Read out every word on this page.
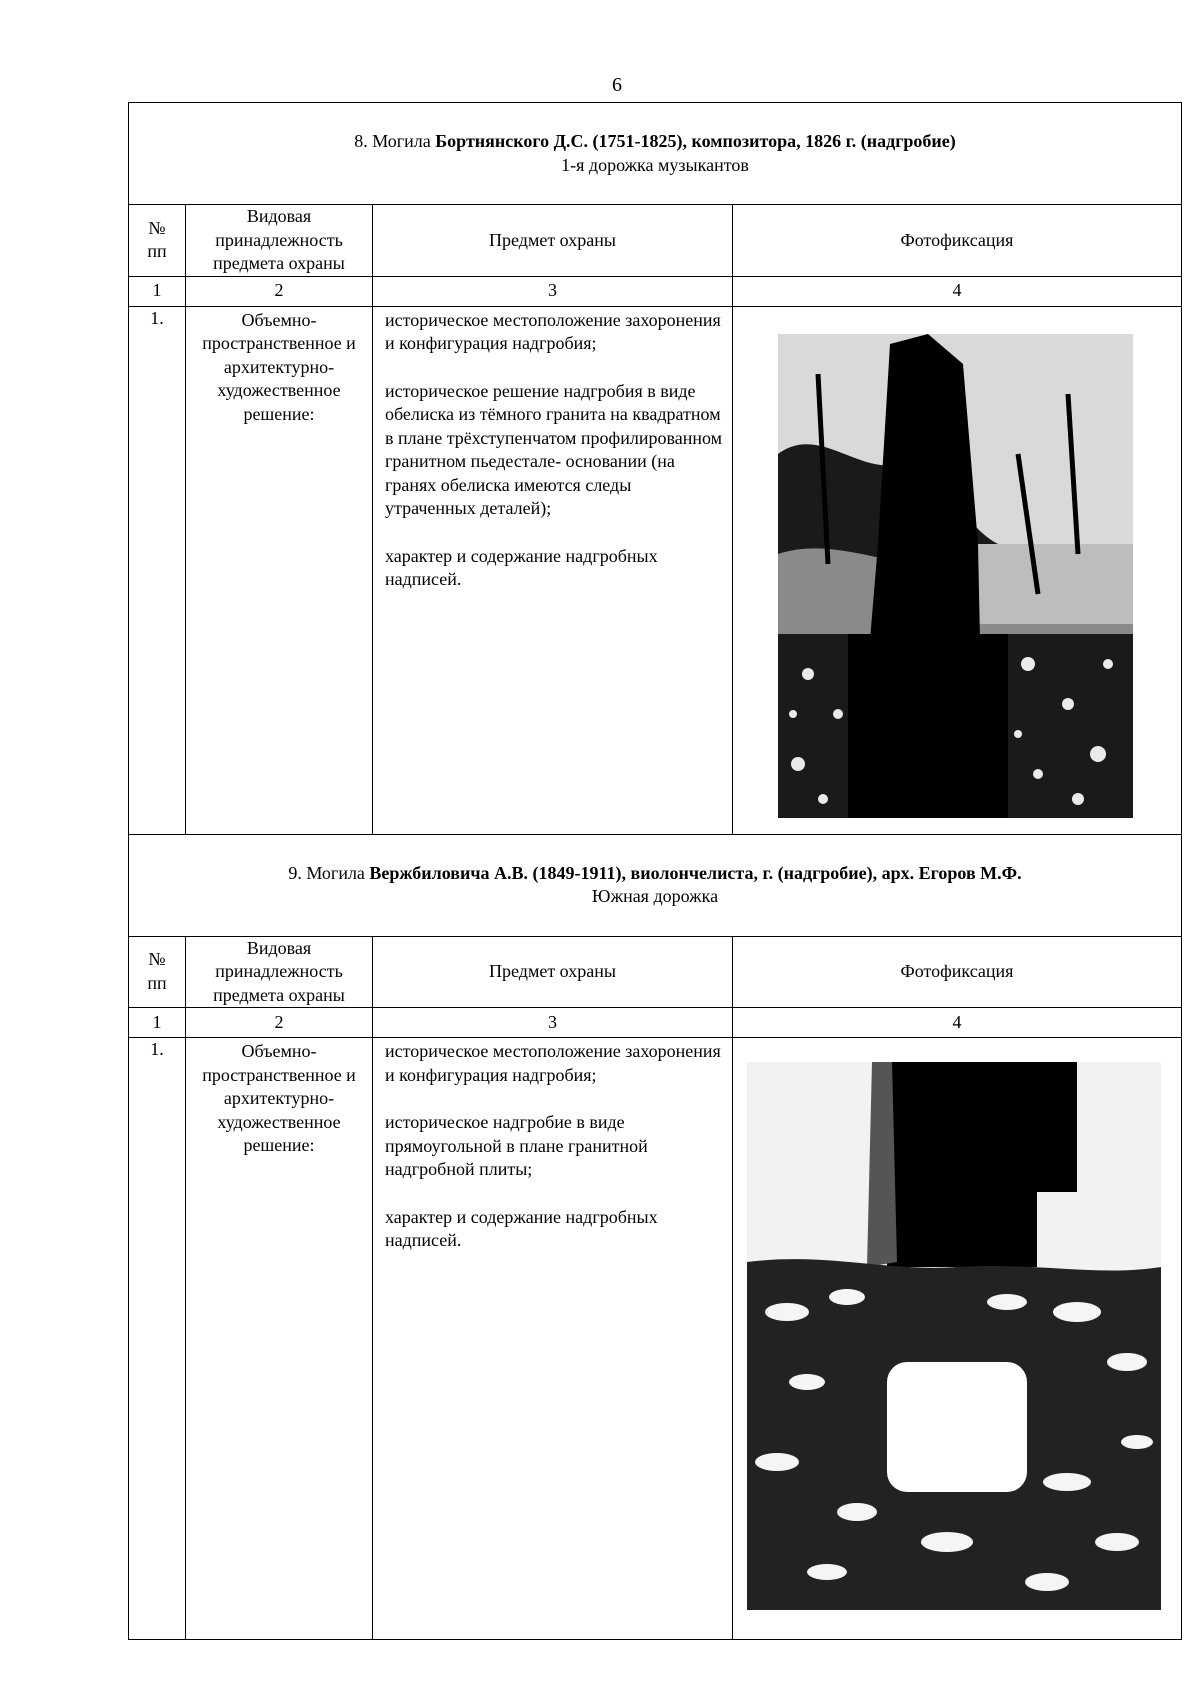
6
8. Могила Бортнянского Д.С. (1751-1825), композитора, 1826 г. (надгробие)
1-я дорожка музыкантов			

№ пп	Видовая принадлежность предмета охраны	Предмет охраны	Фотофиксация
1	2	3	4
1.	Объемно-пространственное и архитектурно-художественное решение:	историческое местоположение захоронения и конфигурация надгробия;

историческое решение надгробия в виде обелиска из тёмного гранита на квадратном в плане трёхступенчатом профилированном гранитном пьедестале- основании (на гранях обелиска имеются следы утраченных деталей);

характер и содержание надгробных надписей.

9. Могила Вержбиловича А.В. (1849-1911), виолончелиста, г. (надгробие), арх. Егоров М.Ф.
Южная дорожка			

№ пп	Видовая принадлежность предмета охраны	Предмет охраны	Фотофиксация
1	2	3	4
1.	Объемно-пространственное и архитектурно-художественное решение:	историческое местоположение захоронения и конфигурация надгробия;

историческое надгробие в виде прямоугольной в плане гранитной надгробной плиты;

характер и содержание надгробных надписей.
